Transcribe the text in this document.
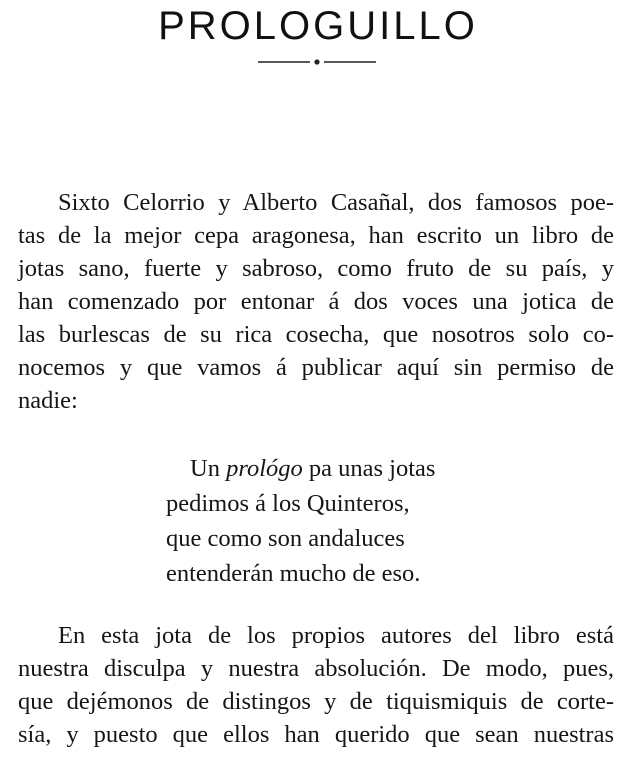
PROLOGUILLO
Sixto Celorrio y Alberto Casañal, dos famosos poe-
tas de la mejor cepa aragonesa, han escrito un libro de
jotas sano, fuerte y sabroso, como fruto de su país, y
han comenzado por entonar á dos voces una jotica de
las burlescas de su rica cosecha, que nosotros solo co-
nocemos y que vamos á publicar aquí sin permiso de
nadie:
Un prológo pa unas jotas
pedimos á los Quinteros,
que como son andaluces
entenderán mucho de eso.
En esta jota de los propios autores del libro está
nuestra disculpa y nuestra absolución. De modo, pues,
que dejémonos de distingos y de tiquismiquis de corte-
sía, y puesto que ellos han querido que sean nuestras
